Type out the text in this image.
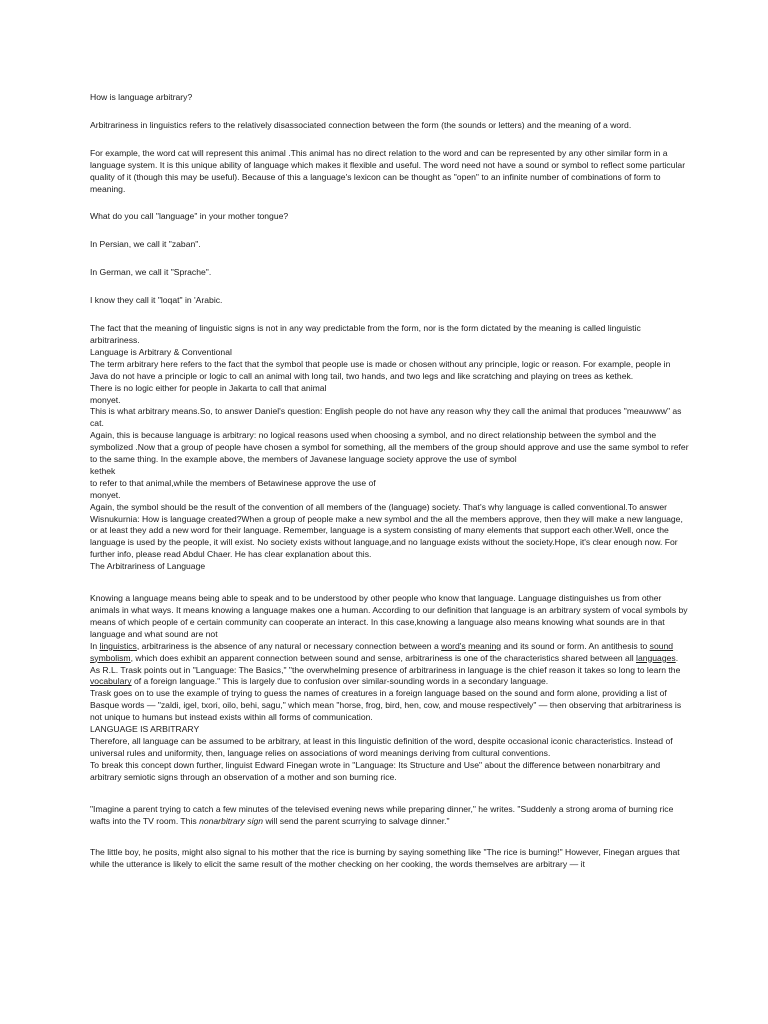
How is language arbitrary?

Arbitrariness in linguistics refers to the relatively disassociated connection between the form (the sounds or letters) and the meaning of a word.

For example, the word cat will represent this animal .This animal has no direct relation to the word and can be represented by any other similar form in a language system. It is this unique ability of language which makes it flexible and useful. The word need not have a sound or symbol to reflect some particular quality of it (though this may be useful). Because of this a language's lexicon can be thought as "open" to an infinite number of combinations of form to meaning.

What do you call "language" in your mother tongue?

In Persian, we call it "zaban".

In German, we call it "Sprache".

I know they call it "loqat" in 'Arabic.

The fact that the meaning of linguistic signs is not in any way predictable from the form, nor is the form dictated by the meaning is called linguistic arbitrariness.

Language is Arbitrary & Conventional

The term arbitrary here refers to the fact that the symbol that people use is made or chosen without any principle, logic or reason. For example, people in Java do not have a principle or logic to call an animal with long tail, two hands, and two legs and like scratching and playing on trees as kethek.

There is no logic either for people in Jakarta to call that animal

monyet.

This is what arbitrary means.So, to answer Daniel's question: English people do not have any reason why they call the animal that produces "meauwww" as

cat.

Again, this is because language is arbitrary: no logical reasons used when choosing a symbol, and no direct relationship between the symbol and the symbolized .Now that a group of people have chosen a symbol for something, all the members of the group should approve and use the same symbol to refer to the same thing. In the example above, the members of Javanese language society approve the use of symbol

kethek

to refer to that animal,while the members of Betawinese approve the use of

monyet.

Again, the symbol should be the result of the convention of all members of the (language) society. That's why language is called conventional.To answer Wisnukurnia: How is language created?When a group of people make a new symbol and the all the members approve, then they will make a new language, or at least they add a new word for their language. Remember, language is a system consisting of many elements that support each other.Well, once the language is used by the people, it will exist. No society exists without language,and no language exists without the society.Hope, it's clear enough now. For further info, please read Abdul Chaer. He has clear explanation about this.

The Arbitrariness of Language

Knowing a language means being able to speak and to be understood by other people who know that language. Language distinguishes us from other animals in what ways. It means knowing a language makes one a human. According to our definition that language is an arbitrary system of vocal symbols by means of which people of e certain community can cooperate an interact. In this case,knowing a language also means knowing what sounds are in that language and what sound are not

In linguistics, arbitrariness is the absence of any natural or necessary connection between a word's meaning and its sound or form. An antithesis to sound symbolism, which does exhibit an apparent connection between sound and sense, arbitrariness is one of the characteristics shared between all languages.

As R.L. Trask points out in "Language: The Basics," "the overwhelming presence of arbitrariness in language is the chief reason it takes so long to learn the vocabulary of a foreign language." This is largely due to confusion over similar-sounding words in a secondary language.

Trask goes on to use the example of trying to guess the names of creatures in a foreign language based on the sound and form alone, providing a list of Basque words — "zaldi, igel, txori, oilo, behi, sagu," which mean "horse, frog, bird, hen, cow, and mouse respectively" — then observing that arbitrariness is not unique to humans but instead exists within all forms of communication.

LANGUAGE IS ARBITRARY

Therefore, all language can be assumed to be arbitrary, at least in this linguistic definition of the word, despite occasional iconic characteristics. Instead of universal rules and uniformity, then, language relies on associations of word meanings deriving from cultural conventions.

To break this concept down further, linguist Edward Finegan wrote in "Language: Its Structure and Use" about the difference between nonarbitrary and arbitrary semiotic signs through an observation of a mother and son burning rice.

"Imagine a parent trying to catch a few minutes of the televised evening news while preparing dinner," he writes. "Suddenly a strong aroma of burning rice wafts into the TV room. This nonarbitrary sign will send the parent scurrying to salvage dinner."

The little boy, he posits, might also signal to his mother that the rice is burning by saying something like "The rice is burning!" However, Finegan argues that while the utterance is likely to elicit the same result of the mother checking on her cooking, the words themselves are arbitrary — it
